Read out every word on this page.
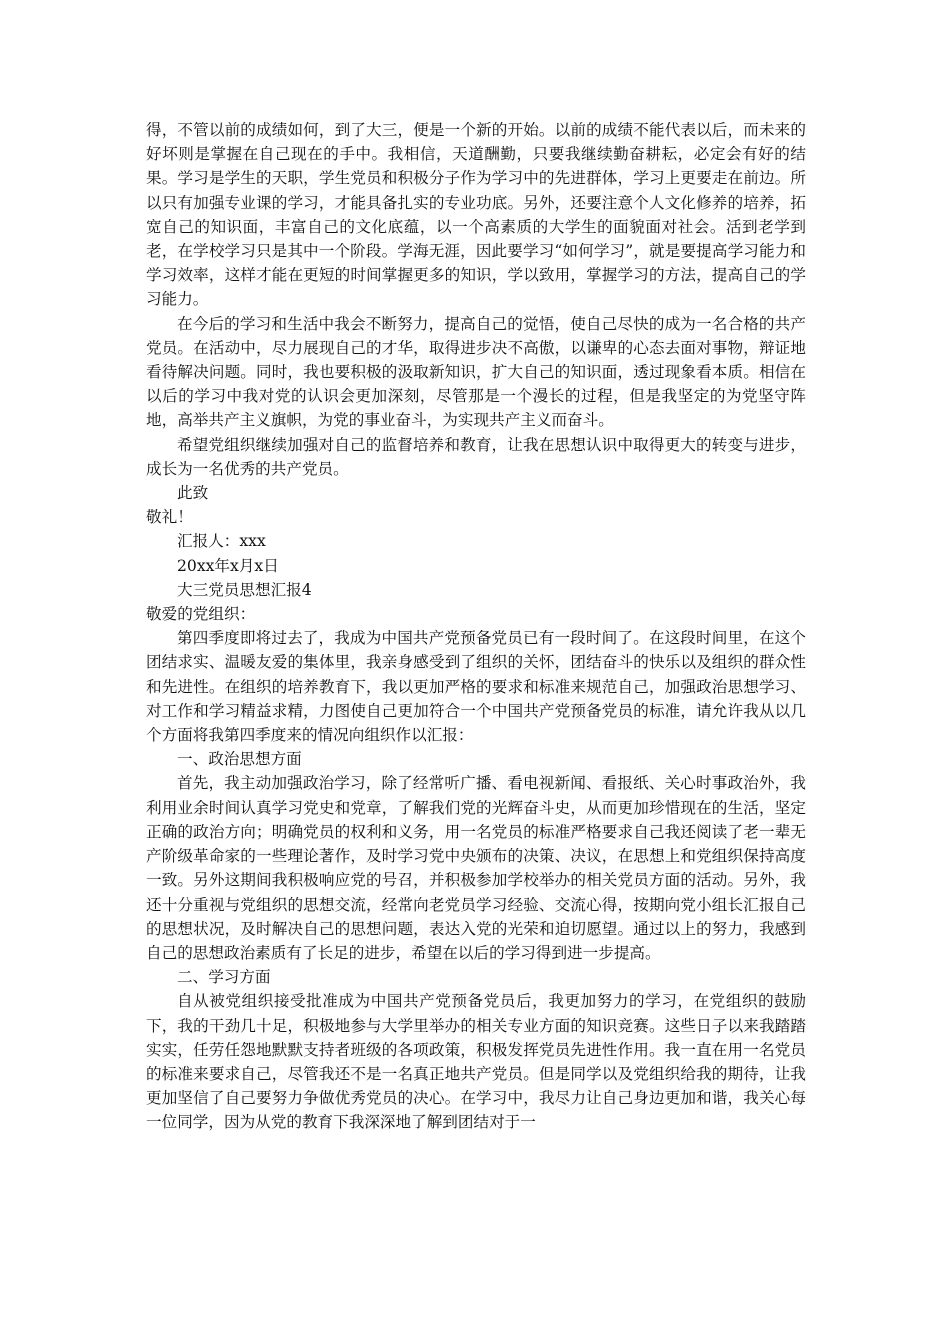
得，不管以前的成绩如何，到了大三，便是一个新的开始。以前的成绩不能代表以后，而未来的好坏则是掌握在自己现在的手中。我相信，天道酬勤，只要我继续勤奋耕耘，必定会有好的结果。学习是学生的天职，学生党员和积极分子作为学习中的先进群体，学习上更要走在前边。所以只有加强专业课的学习，才能具备扎实的专业功底。另外，还要注意个人文化修养的培养，拓宽自己的知识面，丰富自己的文化底蕴，以一个高素质的大学生的面貌面对社会。活到老学到老，在学校学习只是其中一个阶段。学海无涯，因此要学习“如何学习”，就是要提高学习能力和学习效率，这样才能在更短的时间掌握更多的知识，学以致用，掌握学习的方法，提高自己的学习能力。

在今后的学习和生活中我会不断努力，提高自己的觉悟，使自己尽快的成为一名合格的共产党员。在活动中，尽力展现自己的才华，取得进步决不高傲，以谦卑的心态去面对事物，辩证地看待解决问题。同时，我也要积极的汲取新知识，扩大自己的知识面，透过现象看本质。相信在以后的学习中我对党的认识会更加深刻，尽管那是一个漫长的过程，但是我坚定的为党坚守阵地，高举共产主义旗帜，为党的事业奋斗，为实现共产主义而奋斗。

希望党组织继续加强对自己的监督培养和教育，让我在思想认识中取得更大的转变与进步，成长为一名优秀的共产党员。

此致

敬礼！

汇报人：xxx

20xx年x月x日

大三党员思想汇报4

敬爱的党组织：

第四季度即将过去了，我成为中国共产党预备党员已有一段时间了。在这段时间里，在这个团结求实、温暖友爱的集体里，我亲身感受到了组织的关怀，团结奋斗的快乐以及组织的群众性和先进性。在组织的培养教育下，我以更加严格的要求和标准来规范自己，加强政治思想学习、对工作和学习精益求精，力图使自己更加符合一个中国共产党预备党员的标准，请允许我从以几个方面将我第四季度来的情况向组织作以汇报：

一、政治思想方面

首先，我主动加强政治学习，除了经常听广播、看电视新闻、看报纸、关心时事政治外，我利用业余时间认真学习党史和党章，了解我们党的光辉奋斗史，从而更加珍惜现在的生活，坚定正确的政治方向；明确党员的权利和义务，用一名党员的标准严格要求自己我还阅读了老一辈无产阶级革命家的一些理论著作，及时学习党中央颁布的决策、决议，在思想上和党组织保持高度一致。另外这期间我积极响应党的号召，并积极参加学校举办的相关党员方面的活动。另外，我还十分重视与党组织的思想交流，经常向老党员学习经验、交流心得，按期向党小组长汇报自己的思想状况，及时解决自己的思想问题，表达入党的光荣和迫切愿望。通过以上的努力，我感到自己的思想政治素质有了长足的进步，希望在以后的学习得到进一步提高。

二、学习方面

自从被党组织接受批准成为中国共产党预备党员后，我更加努力的学习，在党组织的鼓励下，我的干劲几十足，积极地参与大学里举办的相关专业方面的知识竞赛。这些日子以来我踏踏实实，任劳任怨地默默支持者班级的各项政策，积极发挥党员先进性作用。我一直在用一名党员的标准来要求自己，尽管我还不是一名真正地共产党员。但是同学以及党组织给我的期待，让我更加坚信了自己要努力争做优秀党员的决心。在学习中，我尽力让自己身边更加和谐，我关心每一位同学，因为从党的教育下我深深地了解到团结对于一
